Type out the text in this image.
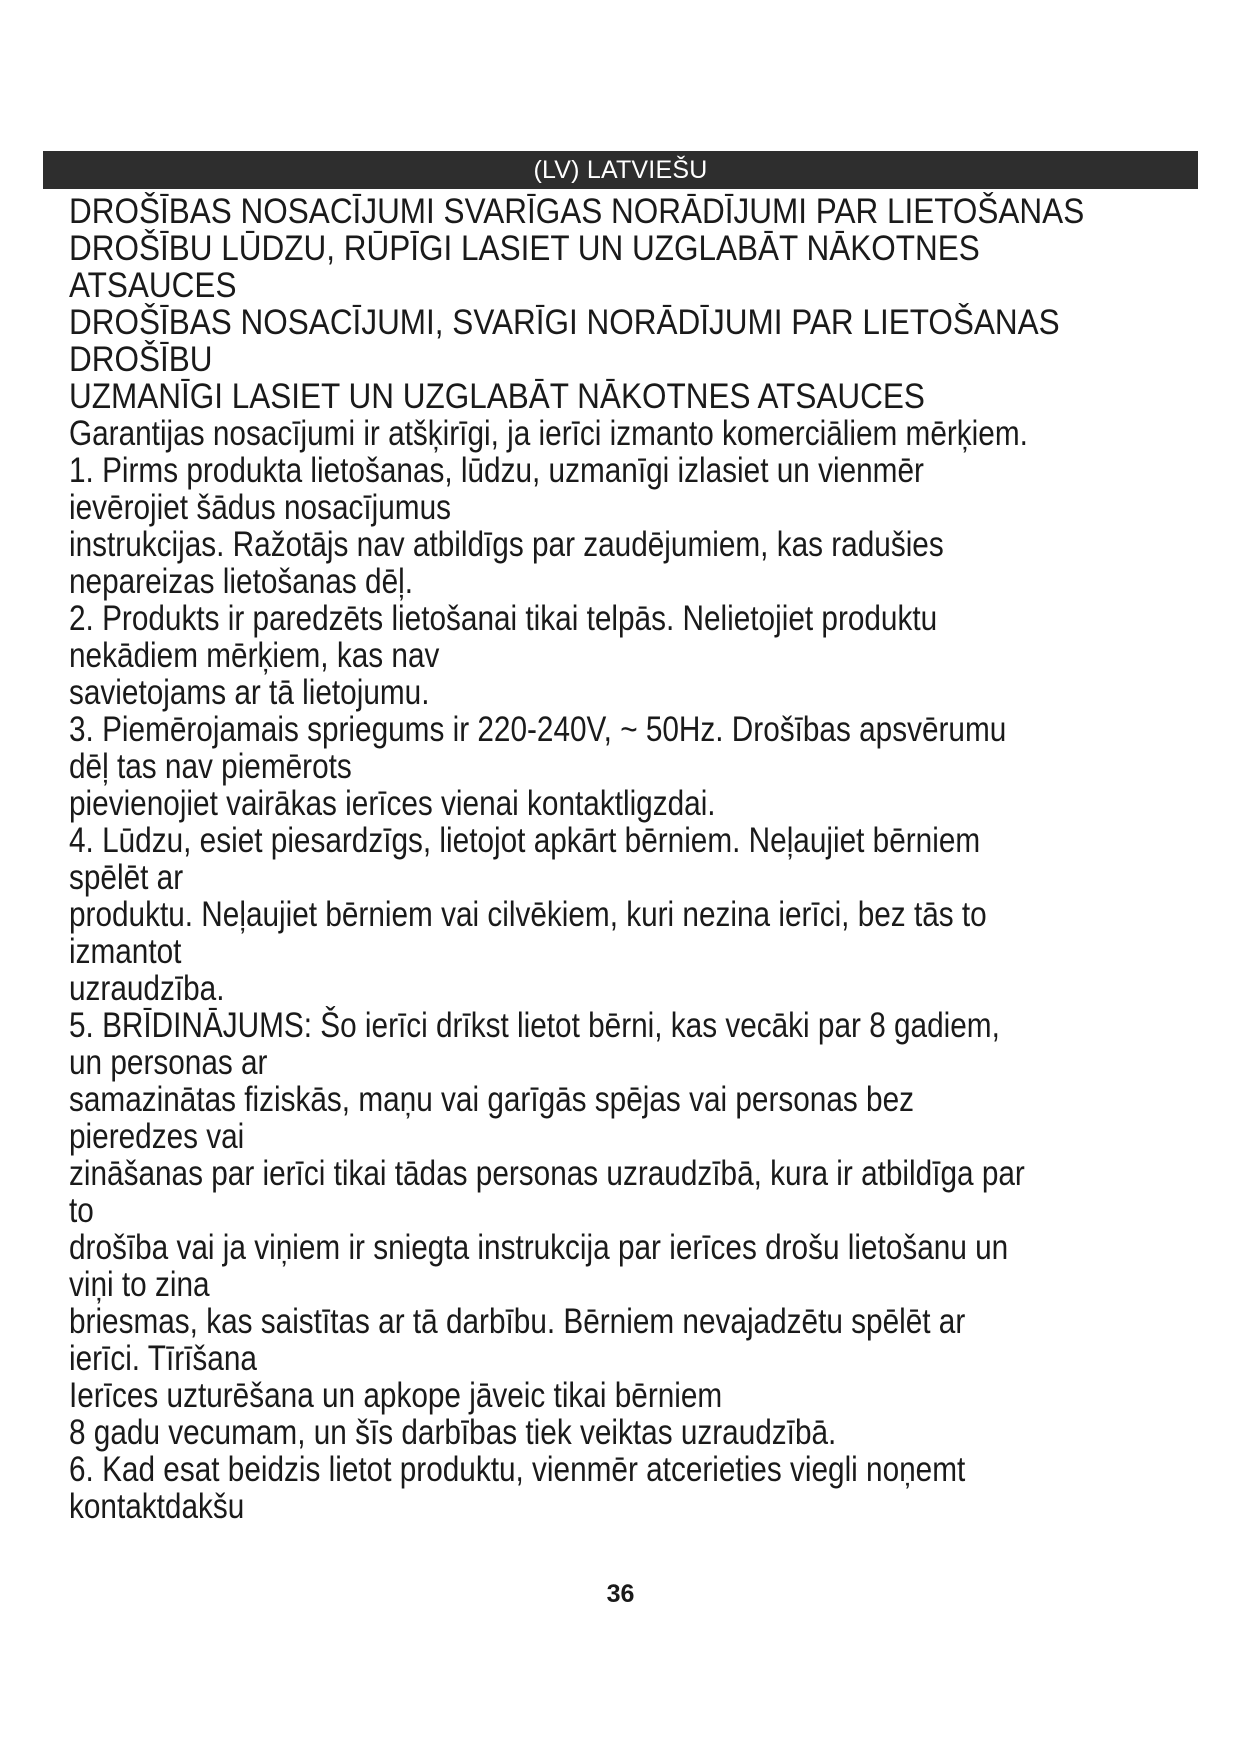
(LV) LATVIEŠU
DROŠĪBAS NOSACĪJUMI SVARĪGAS NORĀDĪJUMI PAR LIETOŠANAS
DROŠĪBU LŪDZU, RŪPĪGI LASIET UN UZGLABĀT NĀKOTNES
ATSAUCES
DROŠĪBAS NOSACĪJUMI, SVARĪGI NORĀDĪJUMI PAR LIETOŠANAS
DROŠĪBU
UZMANĪGI LASIET UN UZGLABĀT NĀKOTNES ATSAUCES
Garantijas nosacījumi ir atšķirīgi, ja ierīci izmanto komerciāliem mērķiem.
1. Pirms produkta lietošanas, lūdzu, uzmanīgi izlasiet un vienmēr
ievērojiet šādus nosacījumus
instrukcijas. Ražotājs nav atbildīgs par zaudējumiem, kas radušies
nepareizas lietošanas dēļ.
2. Produkts ir paredzēts lietošanai tikai telpās. Nelietojiet produktu
nekādiem mērķiem, kas nav
savietojams ar tā lietojumu.
3. Piemērojamais spriegums ir 220-240V, ~ 50Hz. Drošības apsvērumu
dēļ tas nav piemērots
pievienojiet vairākas ierīces vienai kontaktligzdai.
4. Lūdzu, esiet piesardzīgs, lietojot apkārt bērniem. Neļaujiet bērniem
spēlēt ar
produktu. Neļaujiet bērniem vai cilvēkiem, kuri nezina ierīci, bez tās to
izmantot
uzraudzība.
5. BRĪDINĀJUMS: Šo ierīci drīkst lietot bērni, kas vecāki par 8 gadiem,
un personas ar
samazinātas fiziskās, maņu vai garīgās spējas vai personas bez
pieredzes vai
zināšanas par ierīci tikai tādas personas uzraudzībā, kura ir atbildīga par
to
drošība vai ja viņiem ir sniegta instrukcija par ierīces drošu lietošanu un
viņi to zina
briesmas, kas saistītas ar tā darbību. Bērniem nevajadzētu spēlēt ar
ierīci. Tīrīšana
Ierīces uzturēšana un apkope jāveic tikai bērniem
8 gadu vecumam, un šīs darbības tiek veiktas uzraudzībā.
6. Kad esat beidzis lietot produktu, vienmēr atcerieties viegli noņemt
kontaktdakšu
36
